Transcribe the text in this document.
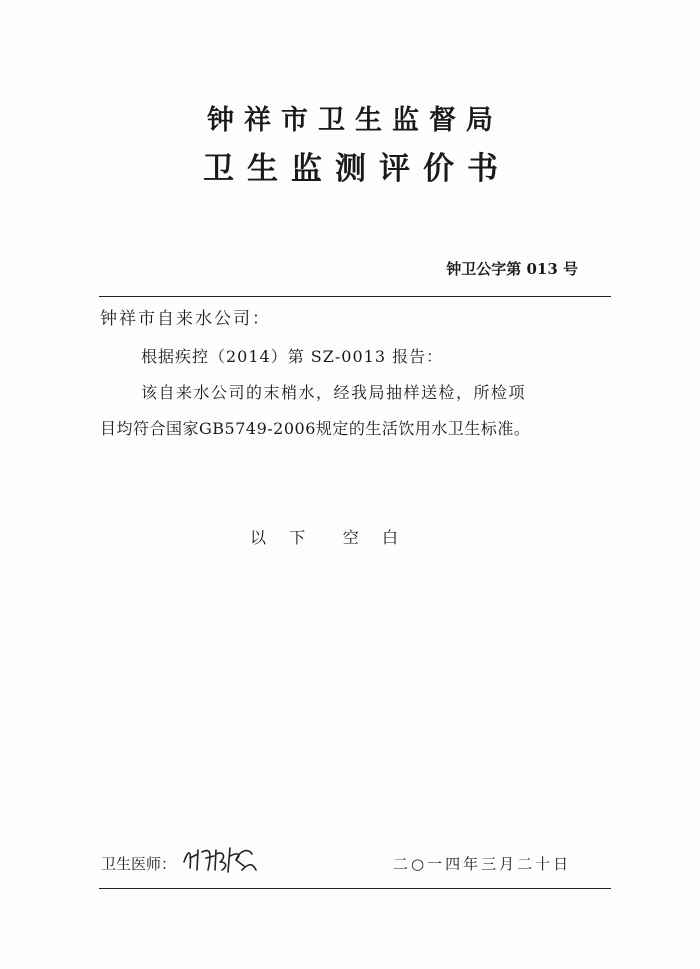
钟祥市卫生监督局
卫生监测评价书
钟卫公字第 013 号
钟祥市自来水公司：
根据疾控（2014）第 SZ-0013 报告：
该自来水公司的末梢水，经我局抽样送检，所检项
目均符合国家GB5749-2006规定的生活饮用水卫生标准。
以   下     空   白
卫生医师：	二○一四年三月二十日
